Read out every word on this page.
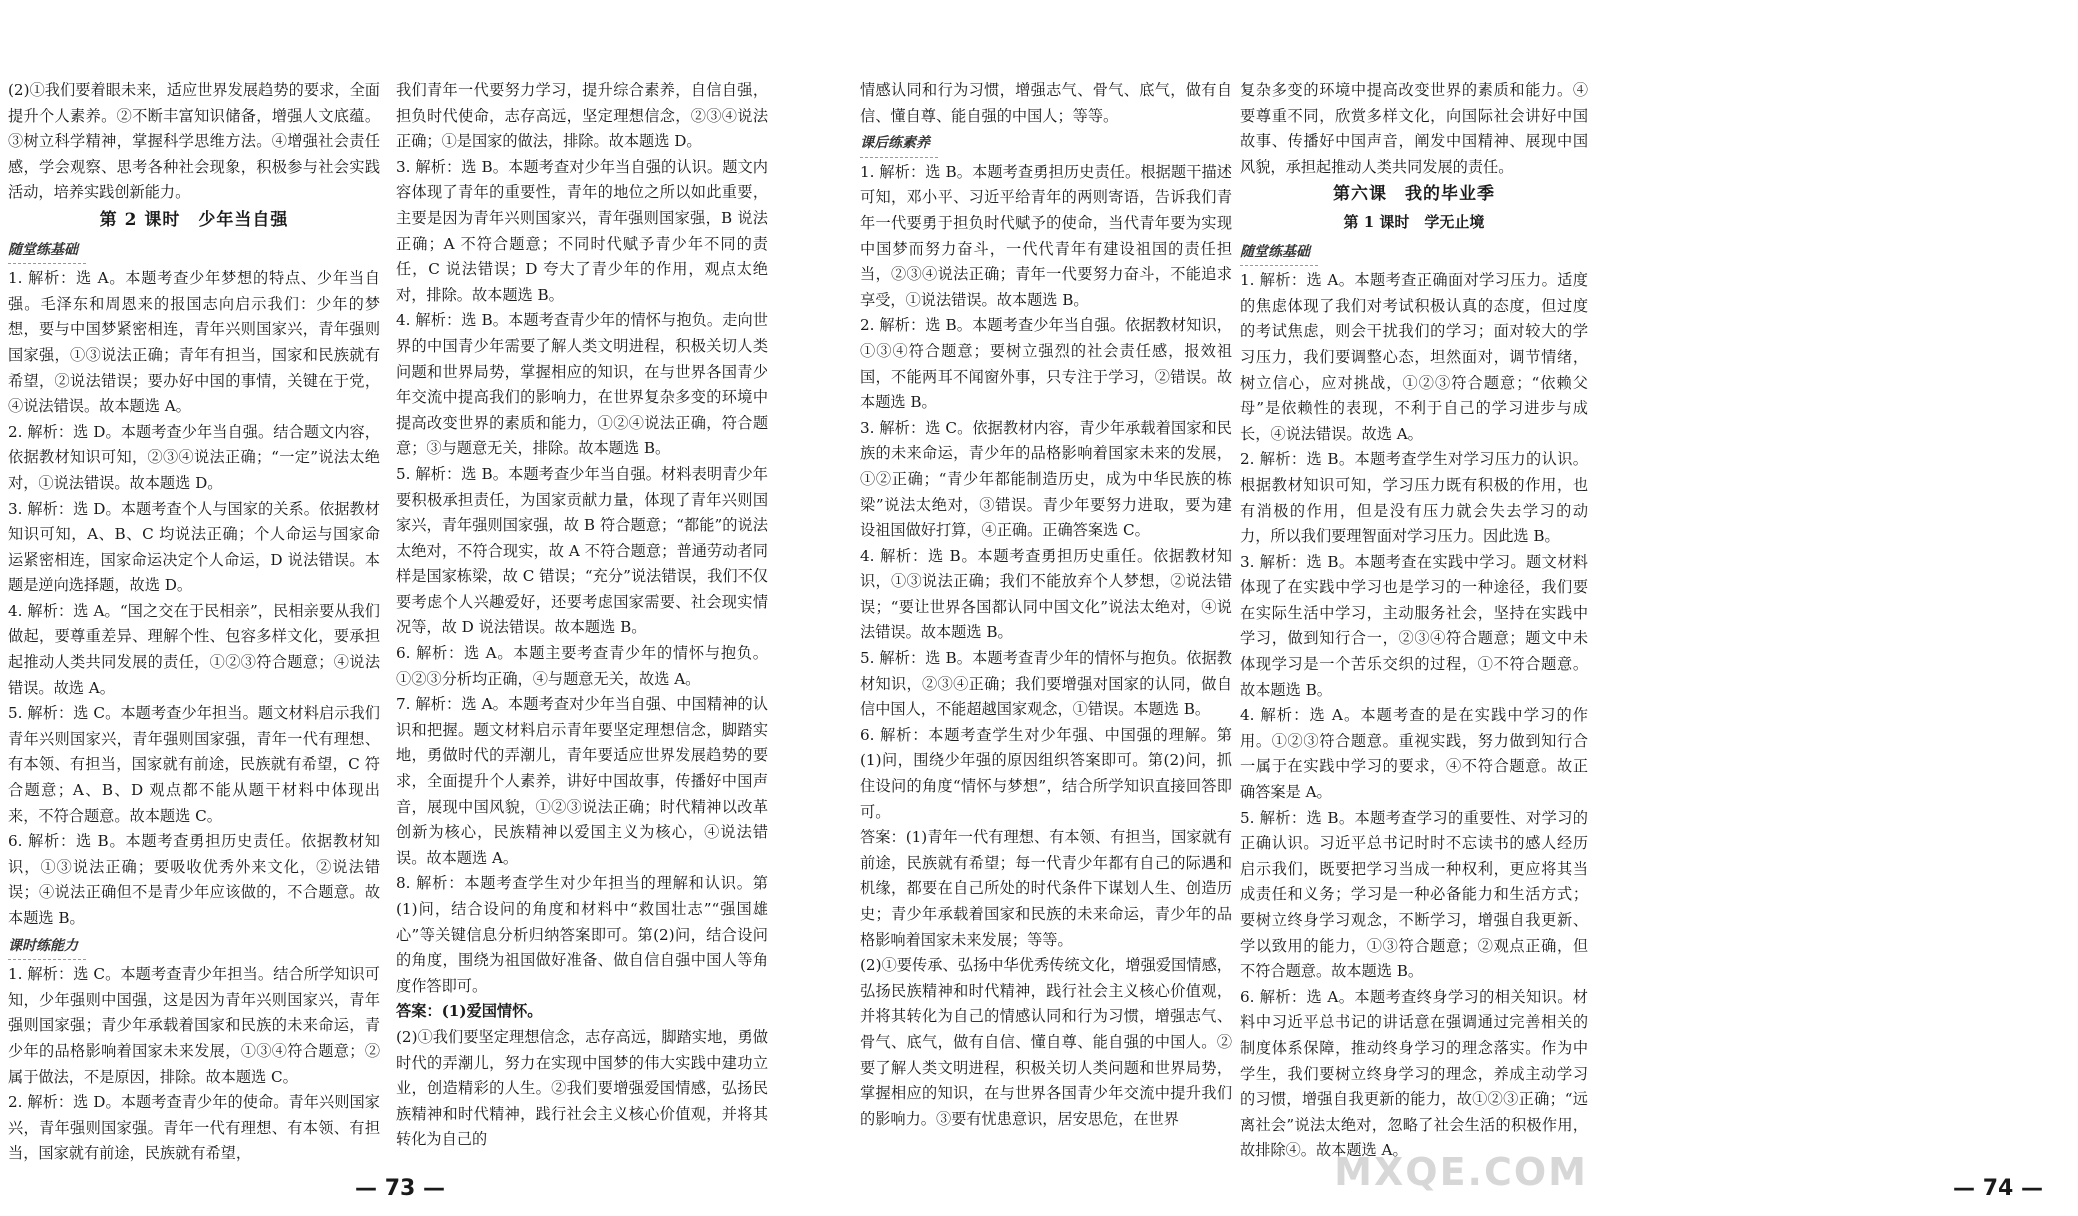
(2)①我们要着眼未来，适应世界发展趋势的要求，全面提升个人素养。②不断丰富知识储备，增强人文底蕴。③树立科学精神，掌握科学思维方法。④增强社会责任感，学会观察、思考各种社会现象，积极参与社会实践活动，培养实践创新能力。

第 2 课时　少年当自强
随堂练基础

1. 解析：选 A。本题考查少年梦想的特点、少年当自强。毛泽东和周恩来的报国志向启示我们：少年的梦想，要与中国梦紧密相连，青年兴则国家兴，青年强则国家强，①③说法正确；青年有担当，国家和民族就有希望，②说法错误；要办好中国的事情，关键在于党，④说法错误。故本题选 A。

2. 解析：选 D。本题考查少年当自强。结合题文内容，依据教材知识可知，②③④说法正确；“一定”说法太绝对，①说法错误。故本题选 D。

3. 解析：选 D。本题考查个人与国家的关系。依据教材知识可知，A、B、C 均说法正确；个人命运与国家命运紧密相连，国家命运决定个人命运，D 说法错误。本题是逆向选择题，故选 D。

4. 解析：选 A。“国之交在于民相亲”，民相亲要从我们做起，要尊重差异、理解个性、包容多样文化，要承担起推动人类共同发展的责任，①②③符合题意；④说法错误。故选 A。

5. 解析：选 C。本题考查少年担当。题文材料启示我们青年兴则国家兴，青年强则国家强，青年一代有理想、有本领、有担当，国家就有前途，民族就有希望，C 符合题意；A、B、D 观点都不能从题干材料中体现出来，不符合题意。故本题选 C。

6. 解析：选 B。本题考查勇担历史责任。依据教材知识，①③说法正确；要吸收优秀外来文化，②说法错误；④说法正确但不是青少年应该做的，不合题意。故本题选 B。

课时练能力

1. 解析：选 C。本题考查青少年担当。结合所学知识可知，少年强则中国强，这是因为青年兴则国家兴，青年强则国家强；青少年承载着国家和民族的未来命运，青少年的品格影响着国家未来发展，①③④符合题意；②属于做法，不是原因，排除。故本题选 C。

2. 解析：选 D。本题考查青少年的使命。青年兴则国家兴，青年强则国家强。青年一代有理想、有本领、有担当，国家就有前途，民族就有希望，

我们青年一代要努力学习，提升综合素养，自信自强，担负时代使命，志存高远，坚定理想信念，②③④说法正确；①是国家的做法，排除。故本题选 D。

3. 解析：选 B。本题考查对少年当自强的认识。题文内容体现了青年的重要性，青年的地位之所以如此重要，主要是因为青年兴则国家兴，青年强则国家强，B 说法正确；A 不符合题意；不同时代赋予青少年不同的责任，C 说法错误；D 夸大了青少年的作用，观点太绝对，排除。故本题选 B。

4. 解析：选 B。本题考查青少年的情怀与抱负。走向世界的中国青少年需要了解人类文明进程，积极关切人类问题和世界局势，掌握相应的知识，在与世界各国青少年交流中提高我们的影响力，在世界复杂多变的环境中提高改变世界的素质和能力，①②④说法正确，符合题意；③与题意无关，排除。故本题选 B。

5. 解析：选 B。本题考查少年当自强。材料表明青少年要积极承担责任，为国家贡献力量，体现了青年兴则国家兴，青年强则国家强，故 B 符合题意；“都能”的说法太绝对，不符合现实，故 A 不符合题意；普通劳动者同样是国家栋梁，故 C 错误；“充分”说法错误，我们不仅要考虑个人兴趣爱好，还要考虑国家需要、社会现实情况等，故 D 说法错误。故本题选 B。

6. 解析：选 A。本题主要考查青少年的情怀与抱负。①②③分析均正确，④与题意无关，故选 A。

7. 解析：选 A。本题考查对少年当自强、中国精神的认识和把握。题文材料启示青年要坚定理想信念，脚踏实地，勇做时代的弄潮儿，青年要适应世界发展趋势的要求，全面提升个人素养，讲好中国故事，传播好中国声音，展现中国风貌，①②③说法正确；时代精神以改革创新为核心，民族精神以爱国主义为核心，④说法错误。故本题选 A。

8. 解析：本题考查学生对少年担当的理解和认识。第(1)问，结合设问的角度和材料中“救国壮志”“强国雄心”等关键信息分析归纳答案即可。第(2)问，结合设问的角度，围绕为祖国做好准备、做自信自强中国人等角度作答即可。

答案：(1)爱国情怀。

(2)①我们要坚定理想信念，志存高远，脚踏实地，勇做时代的弄潮儿，努力在实现中国梦的伟大实践中建功立业，创造精彩的人生。②我们要增强爱国情感，弘扬民族精神和时代精神，践行社会主义核心价值观，并将其转化为自己的

— 73 —

情感认同和行为习惯，增强志气、骨气、底气，做有自信、懂自尊、能自强的中国人；等等。

课后练素养

1. 解析：选 B。本题考查勇担历史责任。根据题干描述可知，邓小平、习近平给青年的两则寄语，告诉我们青年一代要勇于担负时代赋予的使命，当代青年要为实现中国梦而努力奋斗，一代代青年有建设祖国的责任担当，②③④说法正确；青年一代要努力奋斗，不能追求享受，①说法错误。故本题选 B。

2. 解析：选 B。本题考查少年当自强。依据教材知识，①③④符合题意；要树立强烈的社会责任感，报效祖国，不能两耳不闻窗外事，只专注于学习，②错误。故本题选 B。

3. 解析：选 C。依据教材内容，青少年承载着国家和民族的未来命运，青少年的品格影响着国家未来的发展，①②正确；“青少年都能制造历史，成为中华民族的栋梁”说法太绝对，③错误。青少年要努力进取，要为建设祖国做好打算，④正确。正确答案选 C。

4. 解析：选 B。本题考查勇担历史重任。依据教材知识，①③说法正确；我们不能放弃个人梦想，②说法错误；“要让世界各国都认同中国文化”说法太绝对，④说法错误。故本题选 B。

5. 解析：选 B。本题考查青少年的情怀与抱负。依据教材知识，②③④正确；我们要增强对国家的认同，做自信中国人，不能超越国家观念，①错误。本题选 B。

6. 解析：本题考查学生对少年强、中国强的理解。第(1)问，围绕少年强的原因组织答案即可。第(2)问，抓住设问的角度“情怀与梦想”，结合所学知识直接回答即可。

答案：(1)青年一代有理想、有本领、有担当，国家就有前途，民族就有希望；每一代青少年都有自己的际遇和机缘，都要在自己所处的时代条件下谋划人生、创造历史；青少年承载着国家和民族的未来命运，青少年的品格影响着国家未来发展；等等。

(2)①要传承、弘扬中华优秀传统文化，增强爱国情感，弘扬民族精神和时代精神，践行社会主义核心价值观，并将其转化为自己的情感认同和行为习惯，增强志气、骨气、底气，做有自信、懂自尊、能自强的中国人。②要了解人类文明进程，积极关切人类问题和世界局势，掌握相应的知识，在与世界各国青少年交流中提升我们的影响力。③要有忧患意识，居安思危，在世界

复杂多变的环境中提高改变世界的素质和能力。④要尊重不同，欣赏多样文化，向国际社会讲好中国故事、传播好中国声音，阐发中国精神、展现中国风貌，承担起推动人类共同发展的责任。

第六课　我的毕业季
第 1 课时　学无止境
随堂练基础

1. 解析：选 A。本题考查正确面对学习压力。适度的焦虑体现了我们对考试积极认真的态度，但过度的考试焦虑，则会干扰我们的学习；面对较大的学习压力，我们要调整心态，坦然面对，调节情绪，树立信心，应对挑战，①②③符合题意；“依赖父母”是依赖性的表现，不利于自己的学习进步与成长，④说法错误。故选 A。

2. 解析：选 B。本题考查学生对学习压力的认识。根据教材知识可知，学习压力既有积极的作用，也有消极的作用，但是没有压力就会失去学习的动力，所以我们要理智面对学习压力。因此选 B。

3. 解析：选 B。本题考查在实践中学习。题文材料体现了在实践中学习也是学习的一种途径，我们要在实际生活中学习，主动服务社会，坚持在实践中学习，做到知行合一，②③④符合题意；题文中未体现学习是一个苦乐交织的过程，①不符合题意。故本题选 B。

4. 解析：选 A。本题考查的是在实践中学习的作用。①②③符合题意。重视实践，努力做到知行合一属于在实践中学习的要求，④不符合题意。故正确答案是 A。

5. 解析：选 B。本题考查学习的重要性、对学习的正确认识。习近平总书记时时不忘读书的感人经历启示我们，既要把学习当成一种权利，更应将其当成责任和义务；学习是一种必备能力和生活方式；要树立终身学习观念，不断学习，增强自我更新、学以致用的能力，①③符合题意；②观点正确，但不符合题意。故本题选 B。

6. 解析：选 A。本题考查终身学习的相关知识。材料中习近平总书记的讲话意在强调通过完善相关的制度体系保障，推动终身学习的理念落实。作为中学生，我们要树立终身学习的理念，养成主动学习的习惯，增强自我更新的能力，故①②③正确；“远离社会”说法太绝对，忽略了社会生活的积极作用，故排除④。故本题选 A。

— 74 —
MXQE.COM
